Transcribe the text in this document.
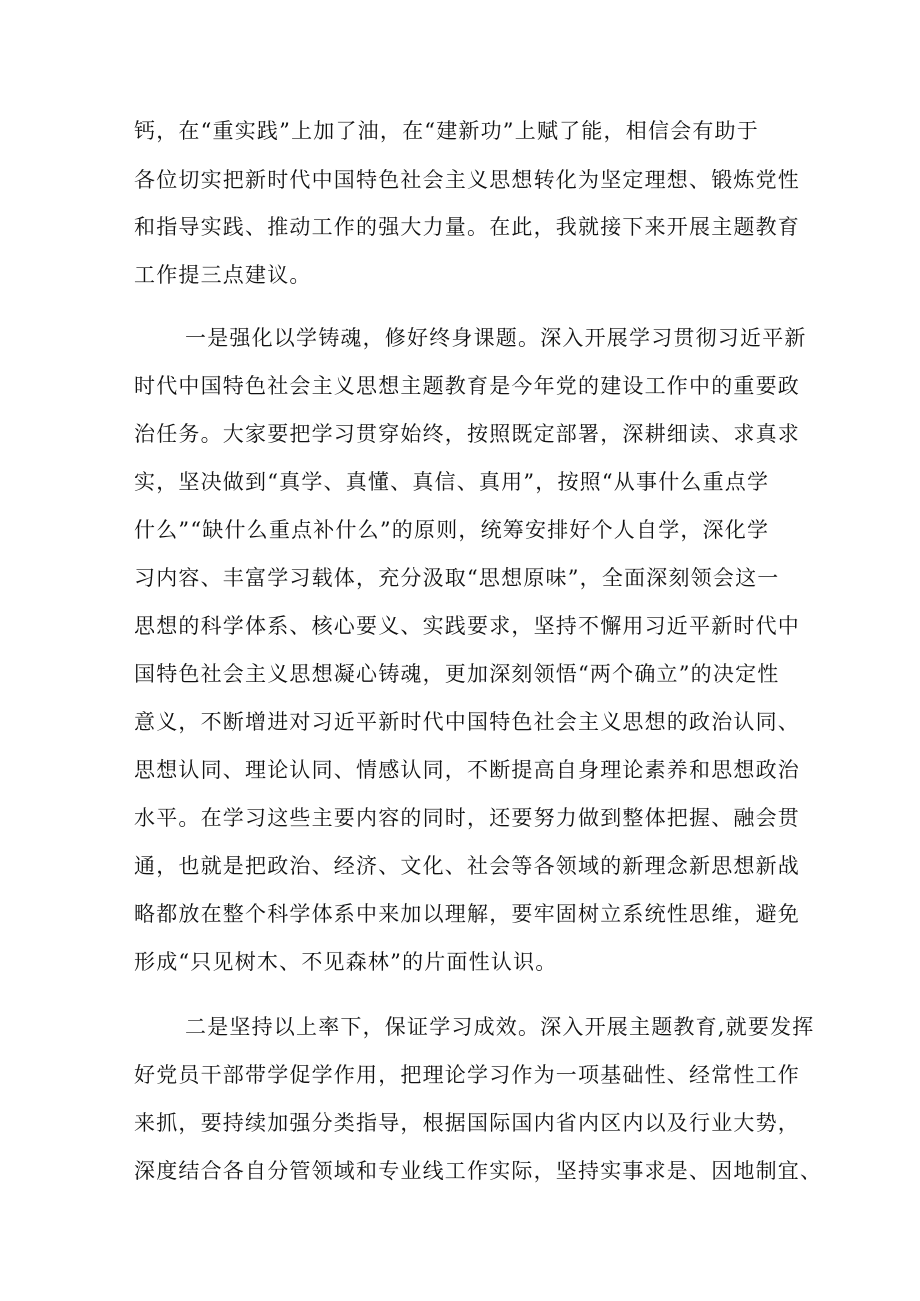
钙，在“重实践”上加了油，在“建新功”上赋了能，相信会有助于
各位切实把新时代中国特色社会主义思想转化为坚定理想、锻炼党性
和指导实践、推动工作的强大力量。在此，我就接下来开展主题教育
工作提三点建议。
一是强化以学铸魂，修好终身课题。深入开展学习贯彻习近平新
时代中国特色社会主义思想主题教育是今年党的建设工作中的重要政
治任务。大家要把学习贯穿始终，按照既定部署，深耕细读、求真求
实，坚决做到“真学、真懂、真信、真用”，按照“从事什么重点学
什么”“缺什么重点补什么”的原则，统筹安排好个人自学，深化学
习内容、丰富学习载体，充分汲取“思想原味”，全面深刻领会这一
思想的科学体系、核心要义、实践要求，坚持不懈用习近平新时代中
国特色社会主义思想凝心铸魂，更加深刻领悟“两个确立”的决定性
意义，不断增进对习近平新时代中国特色社会主义思想的政治认同、
思想认同、理论认同、情感认同，不断提高自身理论素养和思想政治
水平。在学习这些主要内容的同时，还要努力做到整体把握、融会贯
通，也就是把政治、经济、文化、社会等各领域的新理念新思想新战
略都放在整个科学体系中来加以理解，要牢固树立系统性思维，避免
形成“只见树木、不见森林”的片面性认识。
二是坚持以上率下，保证学习成效。深入开展主题教育,就要发挥
好党员干部带学促学作用，把理论学习作为一项基础性、经常性工作
来抓，要持续加强分类指导，根据国际国内省内区内以及行业大势，
深度结合各自分管领域和专业线工作实际，坚持实事求是、因地制宜、
